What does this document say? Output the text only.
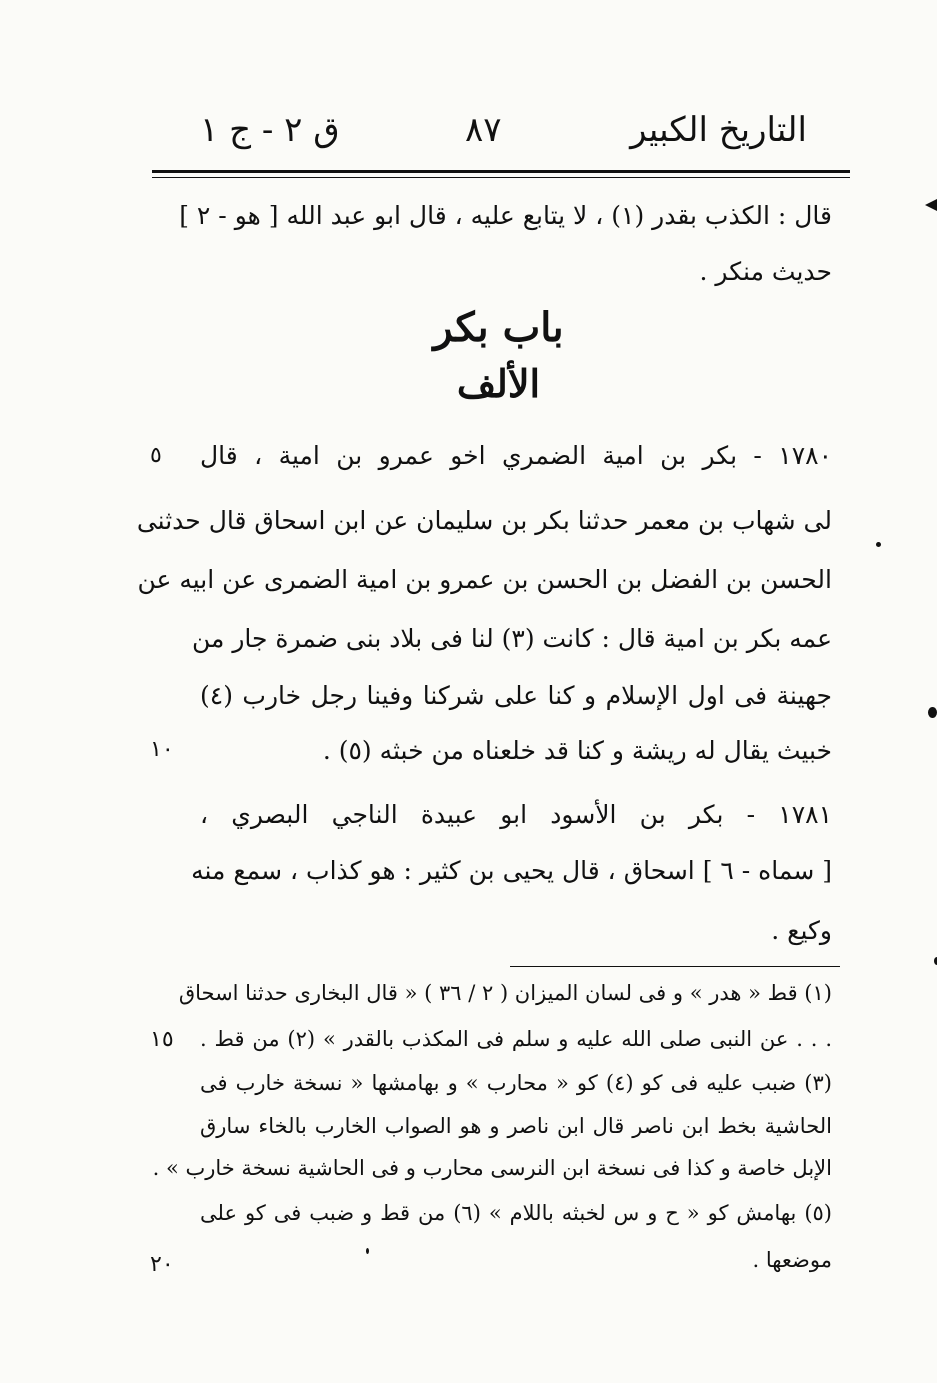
التاريخ الكبير
٨٧
ق ٢ - ج ١
قال : الكذب بقدر (١) ، لا يتابع عليه ، قال ابو عبد الله [ هو - ٢ ]
حديث منكر .
باب بكر
الألف
١٧٨٠ - بكر بن امية الضمري اخو عمرو بن امية ، قال
لى شهاب بن معمر حدثنا بكر بن سليمان عن ابن اسحاق قال حدثنى
الحسن بن الفضل بن الحسن بن عمرو بن امية الضمرى عن ابيه عن
عمه بكر بن امية قال : كانت (٣) لنا فى بلاد بنى ضمرة جار من
جهينة فى اول الإسلام و كنا على شركنا وفينا رجل خارب (٤)
خبيث يقال له ريشة و كنا قد خلعناه من خبثه (٥) .
١٧٨١ - بكر بن الأسود ابو عبيدة الناجي البصري ،
[ سماه - ٦ ] اسحاق ، قال يحيى بن كثير : هو كذاب ، سمع منه
وكيع .
(١) قط « هدر » و فى لسان الميزان ( ٢ / ٣٦ ) « قال البخارى حدثنا اسحاق
. . . عن النبى صلى الله عليه و سلم فى المكذب بالقدر » (٢) من قط .
(٣) ضبب عليه فى كو (٤) كو « محارب » و بهامشها « نسخة خارب فى
الحاشية بخط ابن ناصر قال ابن ناصر و هو الصواب الخارب بالخاء سارق
الإبل خاصة و كذا فى نسخة ابن النرسى محارب و فى الحاشية نسخة خارب » .
(٥) بهامش كو « ح و س لخبثه باللام » (٦) من قط و ضبب فى كو على
موضعها .
٥
١٠
١٥
٢٠
